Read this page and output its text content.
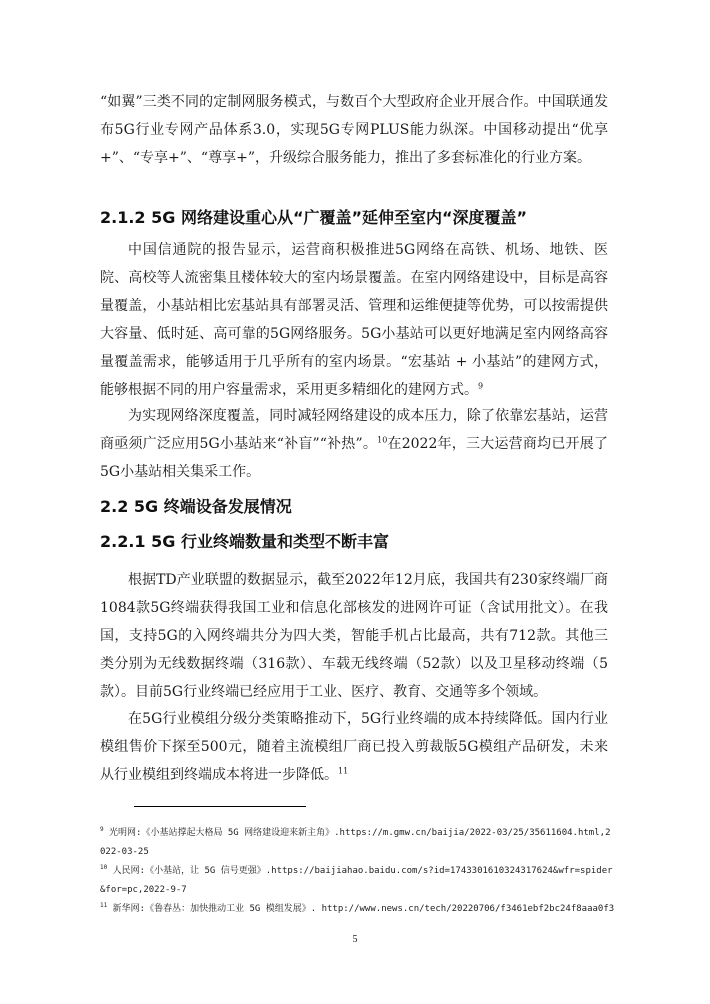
“如翼”三类不同的定制网服务模式，与数百个大型政府企业开展合作。中国联通发布5G行业专网产品体系3.0，实现5G专网PLUS能力纵深。中国移动提出“优享+”、“专享+”、“尊享+”，升级综合服务能力，推出了多套标准化的行业方案。

2.1.2 5G 网络建设重心从“广覆盖”延伸至室内“深度覆盖”

中国信通院的报告显示，运营商积极推进5G网络在高铁、机场、地铁、医院、高校等人流密集且楼体较大的室内场景覆盖。在室内网络建设中，目标是高容量覆盖，小基站相比宏基站具有部署灵活、管理和运维便捷等优势，可以按需提供大容量、低时延、高可靠的5G网络服务。5G小基站可以更好地满足室内网络高容量覆盖需求，能够适用于几乎所有的室内场景。“宏基站 + 小基站”的建网方式，能够根据不同的用户容量需求，采用更多精细化的建网方式。$^9$

为实现网络深度覆盖，同时减轻网络建设的成本压力，除了依靠宏基站，运营商亟须广泛应用5G小基站来“补盲”“补热”。$^{10}$在2022年，三大运营商均已开展了5G小基站相关集采工作。

2.2 5G 终端设备发展情况
2.2.1 5G 行业终端数量和类型不断丰富

根据TD产业联盟的数据显示，截至2022年12月底，我国共有230家终端厂商1084款5G终端获得我国工业和信息化部核发的进网许可证（含试用批文）。在我国，支持5G的入网终端共分为四大类，智能手机占比最高，共有712款。其他三类分别为无线数据终端（316款）、车载无线终端（52款）以及卫星移动终端（5款）。目前5G行业终端已经应用于工业、医疗、教育、交通等多个领域。

在5G行业模组分级分类策略推动下，5G行业终端的成本持续降低。国内行业模组售价下探至500元，随着主流模组厂商已投入剪裁版5G模组产品研发，未来从行业模组到终端成本将进一步降低。$^{11}$

$^9$ 光明网:《小基站撑起大格局 5G 网络建设迎来新主角》.https://m.gmw.cn/baijia/2022-03/25/35611604.html,2022-03-25

$^{10}$ 人民网:《小基站，让 5G 信号更强》.https://baijiahao.baidu.com/s?id=1743301610324317624&wfr=spider&for=pc,2022-9-7

$^{11}$ 新华网:《鲁春丛：加快推动工业 5G 模组发展》. http://www.news.cn/tech/20220706/f3461ebf2bc24f8aaa0f3

5
